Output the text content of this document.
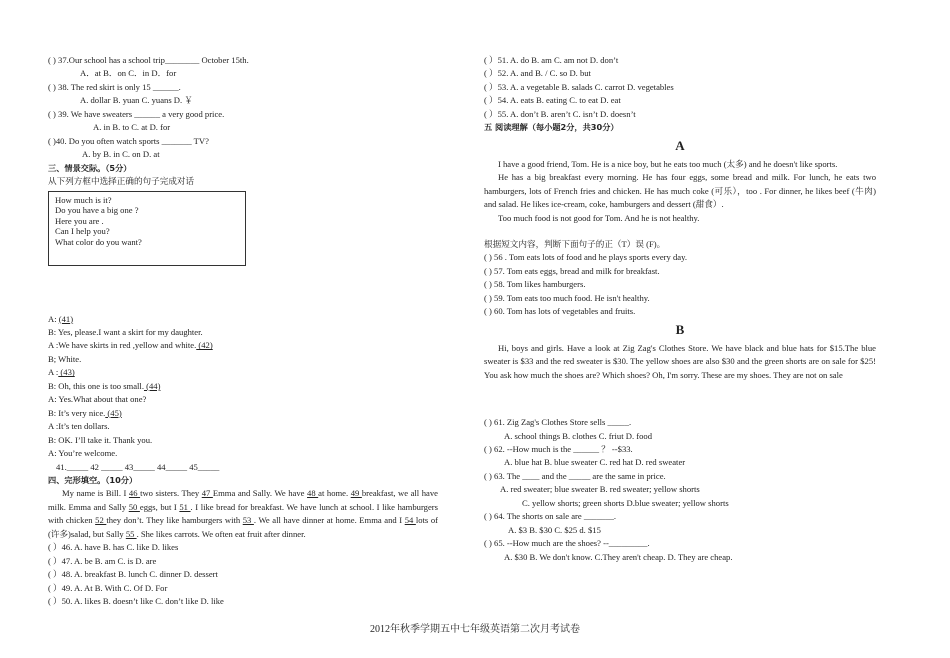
( ) 37.Our school has a school trip________ October 15th.
A．at B．on C．in D．for
( ) 38. The red skirt is only 15 ______.
A. dollar B. yuan C. yuans D. ￥
( ) 39. We have sweaters ______ a very good price.
A. in B. to C. at D. for
( )40. Do you often watch sports _______ TV?
A. by B. in C. on D. at
三、情景交际。（5分）
从下列方框中选择正确的句子完成对话
How much is it?
Do you have a big one ?
Here you are .
Can I help you?
What color do you want?
A: (41)
B: Yes, please.I want a skirt for my daughter.
A :We have skirts in red ,yellow and white. (42)
B; White.
A : (43)
B: Oh, this one is too small. (44)
A: Yes.What about that one?
B: It’s very nice. (45)
A :It’s ten dollars.
B: OK. I’ll take it. Thank you.
A: You’re welcome.
41._____ 42 _____ 43_____ 44_____ 45_____
四、完形填空。（10分）
My name is Bill. I 46 two sisters. They 47 Emma and Sally. We have 48 at home. 49 breakfast, we all have milk. Emma and Sally 50 eggs, but I 51 . I like bread for breakfast. We have lunch at school. I like hamburgers with chicken 52 they don’t. They like hamburgers with 53 . We all have dinner at home. Emma and I 54 lots of (许多)salad, but Sally 55 . She likes carrots. We often eat fruit after dinner.
( ）46. A. have B. has C. like D. likes
( ）47. A. be B. am C. is D. are
( ）48. A. breakfast B. lunch C. dinner D. dessert
( ）49. A. At B. With C. Of D. For
( ）50. A. likes B. doesn’t like C. don’t like D. like
( ）51. A. do B. am C. am not D. don’t
( ）52. A. and B. / C. so D. but
( ）53. A. a vegetable B. salads C. carrot D. vegetables
( ）54. A. eats B. eating C. to eat D. eat
( ）55. A. don’t B. aren’t C. isn’t D. doesn’t
五 阅读理解（每小题2分，共30分）
A
I have a good friend, Tom. He is a nice boy, but he eats too much (太多) and he doesn't like sports.
He has a big breakfast every morning. He has four eggs, some bread and milk. For lunch, he eats two hamburgers, lots of French fries and chicken. He has much coke (可乐），too . For dinner, he likes beef (牛肉) and salad. He likes ice-cream, coke, hamburgers and dessert (甜食）.
Too much food is not good for Tom. And he is not healthy.
根据短文内容，判断下面句子的正（T）误 (F)。
( ) 56 . Tom eats lots of food and he plays sports every day.
( ) 57. Tom eats eggs, bread and milk for breakfast.
( ) 58. Tom likes hamburgers.
( ) 59. Tom eats too much food. He isn't healthy.
( ) 60. Tom has lots of vegetables and fruits.
B
Hi, boys and girls. Have a look at Zig Zag's Clothes Store. We have black and blue hats for $15.The blue sweater is $33 and the red sweater is $30. The yellow shoes are also $30 and the green shorts are on sale for $25! You ask how much the shoes are? Which shoes? Oh, I'm sorry. These are my shoes. They are not on sale
( ) 61. Zig Zag's Clothes Store sells _____.
A. school things B. clothes C. friut D. food
( ) 62. --How much is the ______ ？ --$33.
A. blue hat B. blue sweater C. red hat D. red sweater
( ) 63. The ____ and the _____ are the same in price.
A. red sweater; blue sweater B. red sweater; yellow shorts
C. yellow shorts; green shorts D.blue sweater; yellow shorts
( ) 64. The shorts on sale are _______.
A. $3 B. $30 C. $25 d. $15
( ) 65. --How much are the shoes? --_________.
A. $30 B. We don't know. C.They aren't cheap. D. They are cheap.
2012年秋季学期五中七年级英语第二次月考试卷
